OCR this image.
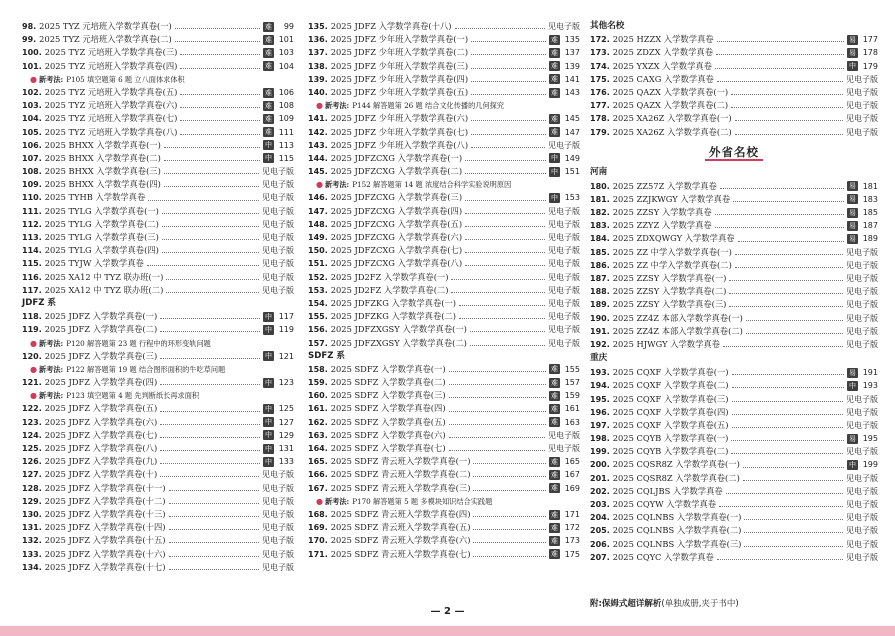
98. 2025 TYZ 元培班入学数学真卷(一)	难	99
99. 2025 TYZ 元培班入学数学真卷(二)	难 101
100. 2025 TYZ 元培班入学数学真卷(三)	难 103
101. 2025 TYZ 元培班入学数学真卷(四)	难 104
● 新考法: P105 填空题第 6 题 立八面体求体积
102. 2025 TYZ 元培班入学数学真卷(五)	难 106
103. 2025 TYZ 元培班入学数学真卷(六)	难 108
104. 2025 TYZ 元培班入学数学真卷(七)	难 109
105. 2025 TYZ 元培班入学数学真卷(八)	难 111
106. 2025 BHXX 入学数学真卷(一)	中 113
107. 2025 BHXX 入学数学真卷(二)	中 115
108. 2025 BHXX 入学数学真卷(三)	见电子版
109. 2025 BHXX 入学数学真卷(四)	见电子版
110. 2025 TYHB 入学数学真卷	见电子版
111. 2025 TYLG 入学数学真卷(一)	见电子版
112. 2025 TYLG 入学数学真卷(二)	见电子版
113. 2025 TYLG 入学数学真卷(三)	见电子版
114. 2025 TYLG 入学数学真卷(四)	见电子版
115. 2025 TYJW 入学数学真卷	见电子版
116. 2025 XA12 中 TYZ 联办班(一)	见电子版
117. 2025 XA12 中 TYZ 联办班(二)	见电子版
JDFZ 系
118. 2025 JDFZ 入学数学真卷(一)	中 117
119. 2025 JDFZ 入学数学真卷(二)	中 119
● 新考法: P120 解答题第 23 题 行程中的环形变轨问题
120. 2025 JDFZ 入学数学真卷(三)	中 121
● 新考法: P122 解答题第 19 题 结合图形面积的牛吃草问题
121. 2025 JDFZ 入学数学真卷(四)	中 123
● 新考法: P123 填空题第 4 题 先判断纸长再求面积
122. 2025 JDFZ 入学数学真卷(五)	中 125
123. 2025 JDFZ 入学数学真卷(六)	中 127
124. 2025 JDFZ 入学数学真卷(七)	中 129
125. 2025 JDFZ 入学数学真卷(八)	中 131
126. 2025 JDFZ 入学数学真卷(九)	中 133
127. 2025 JDFZ 入学数学真卷(十)	见电子版
128. 2025 JDFZ 入学数学真卷(十一)	见电子版
129. 2025 JDFZ 入学数学真卷(十二)	见电子版
130. 2025 JDFZ 入学数学真卷(十三)	见电子版
131. 2025 JDFZ 入学数学真卷(十四)	见电子版
132. 2025 JDFZ 入学数学真卷(十五)	见电子版
133. 2025 JDFZ 入学数学真卷(十六)	见电子版
134. 2025 JDFZ 入学数学真卷(十七)	见电子版
135. 2025 JDFZ 入学数学真卷(十八)	见电子版
136. 2025 JDFZ 少年班入学数学真卷(一)	难 135
137. 2025 JDFZ 少年班入学数学真卷(二)	难 137
138. 2025 JDFZ 少年班入学数学真卷(三)	难 139
139. 2025 JDFZ 少年班入学数学真卷(四)	难 141
140. 2025 JDFZ 少年班入学数学真卷(五)	难 143
● 新考法: P144 解答题第 26 题 结合文化传播的几何探究
141. 2025 JDFZ 少年班入学数学真卷(六)	难 145
142. 2025 JDFZ 少年班入学数学真卷(七)	难 147
143. 2025 JDFZ 少年班入学数学真卷(八)	见电子版
144. 2025 JDFZCXG 入学数学真卷(一)	中 149
145. 2025 JDFZCXG 入学数学真卷(二)	中 151
● 新考法: P152 解答题第 14 题 浓度结合科学实验说明原因
146. 2025 JDFZCXG 入学数学真卷(三)	中 153
147. 2025 JDFZCXG 入学数学真卷(四)	见电子版
148. 2025 JDFZCXG 入学数学真卷(五)	见电子版
149. 2025 JDFZCXG 入学数学真卷(六)	见电子版
150. 2025 JDFZCXG 入学数学真卷(七)	见电子版
151. 2025 JDFZCXG 入学数学真卷(八)	见电子版
152. 2025 JD2FZ 入学数学真卷(一)	见电子版
153. 2025 JD2FZ 入学数学真卷(二)	见电子版
154. 2025 JDFZKG 入学数学真卷(一)	见电子版
155. 2025 JDFZKG 入学数学真卷(二)	见电子版
156. 2025 JDFZXGSY 入学数学真卷(一)	见电子版
157. 2025 JDFZXGSY 入学数学真卷(二)	见电子版
SDFZ 系
158. 2025 SDFZ 入学数学真卷(一)	难 155
159. 2025 SDFZ 入学数学真卷(二)	难 157
160. 2025 SDFZ 入学数学真卷(三)	难 159
161. 2025 SDFZ 入学数学真卷(四)	难 161
162. 2025 SDFZ 入学数学真卷(五)	难 163
163. 2025 SDFZ 入学数学真卷(六)	见电子版
164. 2025 SDFZ 入学数学真卷(七)	见电子版
165. 2025 SDFZ 青云班入学数学真卷(一)	难 165
166. 2025 SDFZ 青云班入学数学真卷(二)	难 167
167. 2025 SDFZ 青云班入学数学真卷(三)	难 169
● 新考法: P170 解答题第 5 题 多模块知识结合实践题
168. 2025 SDFZ 青云班入学数学真卷(四)	难 171
169. 2025 SDFZ 青云班入学数学真卷(五)	难 172
170. 2025 SDFZ 青云班入学数学真卷(六)	难 173
171. 2025 SDFZ 青云班入学数学真卷(七)	难 175
其他名校
172. 2025 HZZX 入学数学真卷	易 177
173. 2025 ZDZX 入学数学真卷	易 178
174. 2025 YXZX 入学数学真卷	中 179
175. 2025 CAXG 入学数学真卷	见电子版
176. 2025 QAZX 入学数学真卷(一)	见电子版
177. 2025 QAZX 入学数学真卷(二)	见电子版
178. 2025 XA26Z 入学数学真卷(一)	见电子版
179. 2025 XA26Z 入学数学真卷(二)	见电子版
外省名校
河南
180. 2025 ZZ57Z 入学数学真卷	易 181
181. 2025 ZZJKWGY 入学数学真卷	易 183
182. 2025 ZZSY 入学数学真卷	易 185
183. 2025 ZZYZ 入学数学真卷	易 187
184. 2025 ZDXQWGY 入学数学真卷	易 189
185. 2025 ZZ 中学入学数学真卷(一)	见电子版
186. 2025 ZZ 中学入学数学真卷(二)	见电子版
187. 2025 ZZSY 入学数学真卷(一)	见电子版
188. 2025 ZZSY 入学数学真卷(二)	见电子版
189. 2025 ZZSY 入学数学真卷(三)	见电子版
190. 2025 ZZ4Z 本部入学数学真卷(一)	见电子版
191. 2025 ZZ4Z 本部入学数学真卷(二)	见电子版
192. 2025 HJWGY 入学数学真卷	见电子版
重庆
193. 2025 CQXF 入学数学真卷(一)	易 191
194. 2025 CQXF 入学数学真卷(二)	中 193
195. 2025 CQXF 入学数学真卷(三)	见电子版
196. 2025 CQXF 入学数学真卷(四)	见电子版
197. 2025 CQXF 入学数学真卷(五)	见电子版
198. 2025 CQYB 入学数学真卷(一)	易 195
199. 2025 CQYB 入学数学真卷(二)	见电子版
200. 2025 CQSR8Z 入学数学真卷(一)	中 199
201. 2025 CQSR8Z 入学数学真卷(二)	见电子版
202. 2025 CQLJBS 入学数学真卷	见电子版
203. 2025 CQYW 入学数学真卷	见电子版
204. 2025 CQLNBS 入学数学真卷(一)	见电子版
205. 2025 CQLNBS 入学数学真卷(二)	见电子版
206. 2025 CQLNBS 入学数学真卷(三)	见电子版
207. 2025 CQYC 入学数学真卷	见电子版
附:保姆式超详解析(单独成册,夹于书中)
— 2 —
